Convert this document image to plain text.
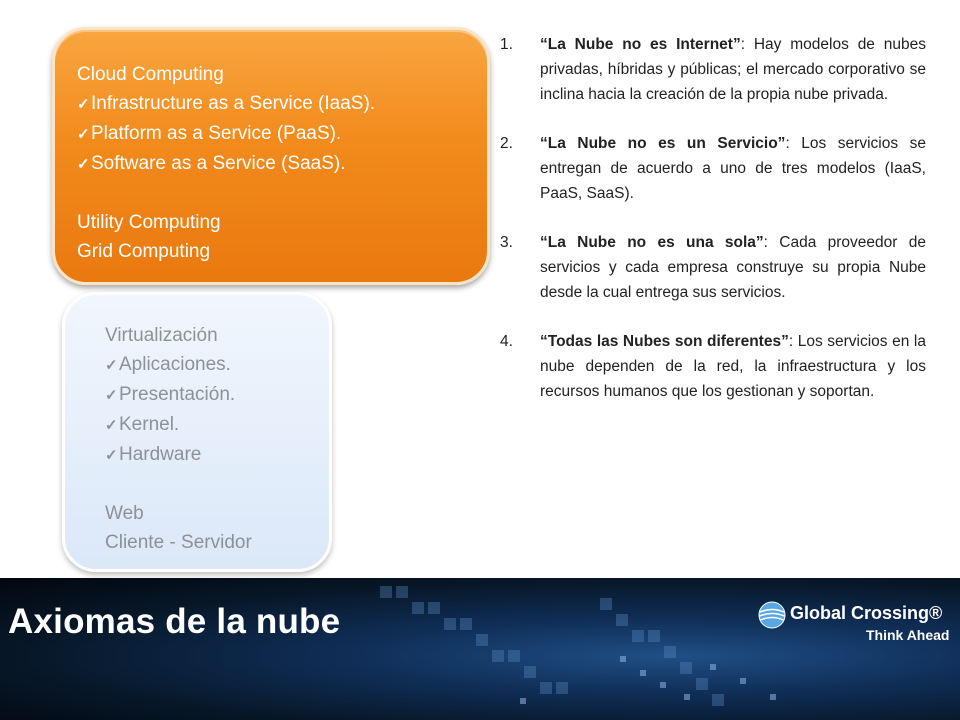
Cloud Computing
✓ Infrastructure as a Service (IaaS).
✓ Platform as a Service (PaaS).
✓ Software as a Service (SaaS).
Utility Computing
Grid Computing
Virtualización
✓ Aplicaciones.
✓ Presentación.
✓ Kernel.
✓ Hardware
Web
Cliente - Servidor
1.	“La Nube no es Internet”: Hay modelos de nubes privadas, híbridas y públicas; el mercado corporativo se inclina hacia la creación de la propia nube privada.
2.	“La Nube no es un Servicio”: Los servicios se entregan de acuerdo a uno de tres modelos (IaaS, PaaS, SaaS).
3.	“La Nube no es una sola”: Cada proveedor de servicios y cada empresa construye su propia Nube desde la cual entrega sus servicios.
4.	“Todas las Nubes son diferentes”: Los servicios en la nube dependen de la red, la infraestructura y los recursos humanos que los gestionan y soportan.
Axiomas de la nube	Global Crossing®
Think Ahead
